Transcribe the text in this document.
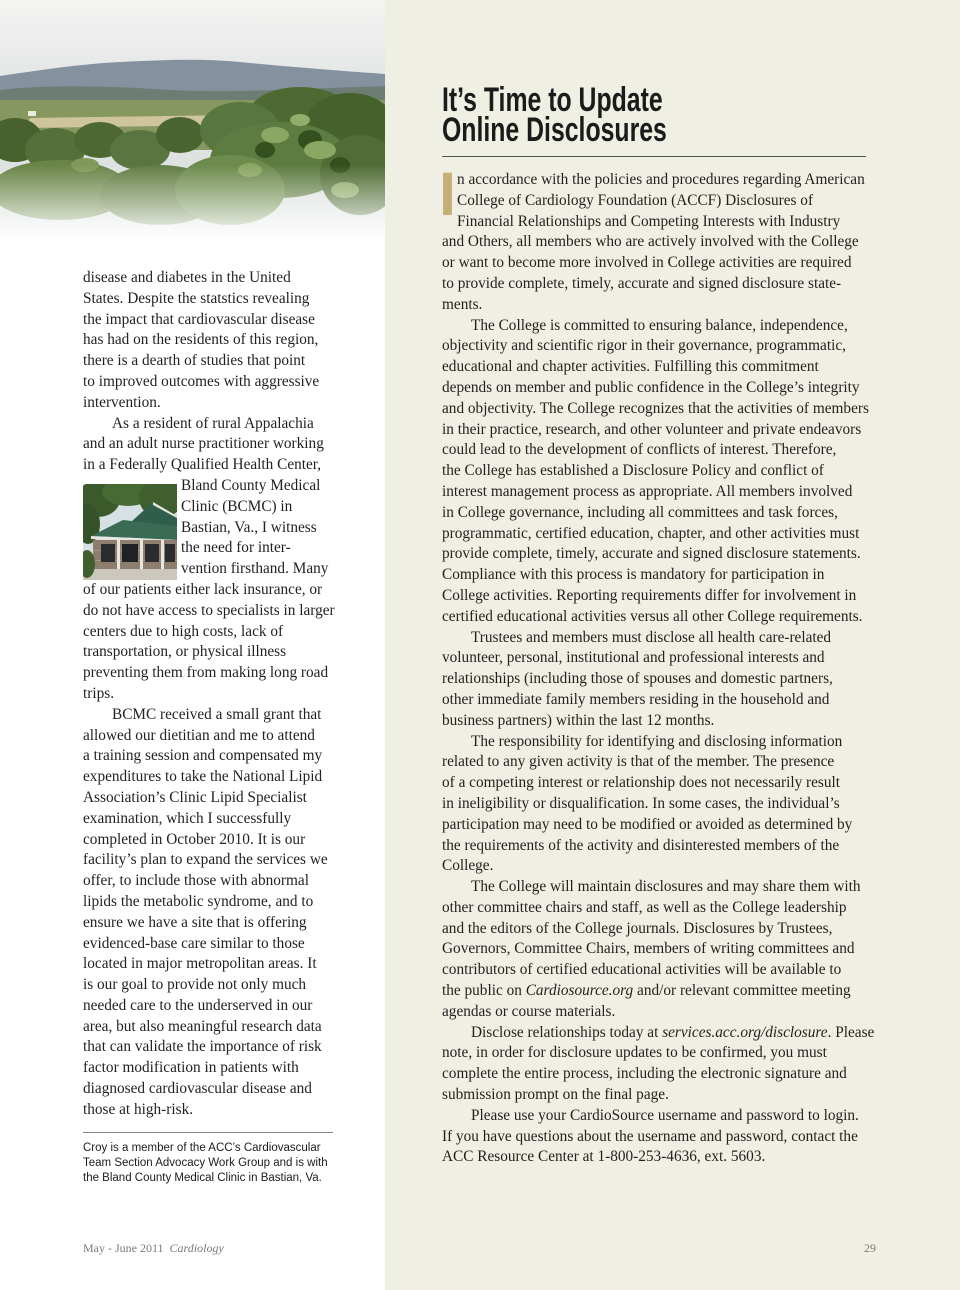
disease and diabetes in the United
States. Despite the statstics revealing
the impact that cardiovascular disease
has had on the residents of this region,
there is a dearth of studies that point
to improved outcomes with aggressive
intervention.
As a resident of rural Appalachia
and an adult nurse practitioner working
in a Federally Qualified Health Center,
Bland County Medical
Clinic (BCMC) in
Bastian, Va., I witness
the need for inter-
vention firsthand. Many
of our patients either lack insurance, or
do not have access to specialists in larger
centers due to high costs, lack of
transportation, or physical illness
preventing them from making long road
trips.
BCMC received a small grant that
allowed our dietitian and me to attend
a training session and compensated my
expenditures to take the National Lipid
Association’s Clinic Lipid Specialist
examination, which I successfully
completed in October 2010. It is our
facility’s plan to expand the services we
offer, to include those with abnormal
lipids the metabolic syndrome, and to
ensure we have a site that is offering
evidenced-base care similar to those
located in major metropolitan areas. It
is our goal to provide not only much
needed care to the underserved in our
area, but also meaningful research data
that can validate the importance of risk
factor modification in patients with
diagnosed cardiovascular disease and
those at high-risk.
Croy is a member of the ACC’s Cardiovascular
Team Section Advocacy Work Group and is with
the Bland County Medical Clinic in Bastian, Va.
It’s Time to Update
Online Disclosures
I n accordance with the policies and procedures regarding American
College of Cardiology Foundation (ACCF) Disclosures of
Financial Relationships and Competing Interests with Industry
and Others, all members who are actively involved with the College
or want to become more involved in College activities are required
to provide complete, timely, accurate and signed disclosure state-
ments.
The College is committed to ensuring balance, independence,
objectivity and scientific rigor in their governance, programmatic,
educational and chapter activities. Fulfilling this commitment
depends on member and public confidence in the College’s integrity
and objectivity. The College recognizes that the activities of members
in their practice, research, and other volunteer and private endeavors
could lead to the development of conflicts of interest. Therefore,
the College has established a Disclosure Policy and conflict of
interest management process as appropriate. All members involved
in College governance, including all committees and task forces,
programmatic, certified education, chapter, and other activities must
provide complete, timely, accurate and signed disclosure statements.
Compliance with this process is mandatory for participation in
College activities. Reporting requirements differ for involvement in
certified educational activities versus all other College requirements.
Trustees and members must disclose all health care-related
volunteer, personal, institutional and professional interests and
relationships (including those of spouses and domestic partners,
other immediate family members residing in the household and
business partners) within the last 12 months.
The responsibility for identifying and disclosing information
related to any given activity is that of the member. The presence
of a competing interest or relationship does not necessarily result
in ineligibility or disqualification. In some cases, the individual’s
participation may need to be modified or avoided as determined by
the requirements of the activity and disinterested members of the
College.
The College will maintain disclosures and may share them with
other committee chairs and staff, as well as the College leadership
and the editors of the College journals. Disclosures by Trustees,
Governors, Committee Chairs, members of writing committees and
contributors of certified educational activities will be available to
the public on Cardiosource.org and/or relevant committee meeting
agendas or course materials.
Disclose relationships today at services.acc.org/disclosure. Please
note, in order for disclosure updates to be confirmed, you must
complete the entire process, including the electronic signature and
submission prompt on the final page.
Please use your CardioSource username and password to login.
If you have questions about the username and password, contact the
ACC Resource Center at 1-800-253-4636, ext. 5603.
May - June 2011 Cardiology	29
